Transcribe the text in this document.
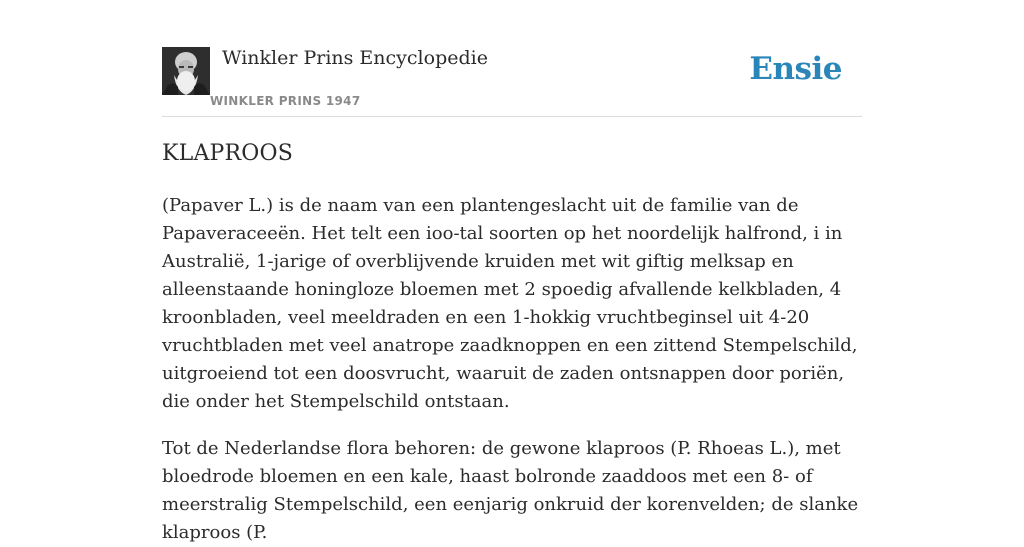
Winkler Prins Encyclopedie
WINKLER PRINS 1947
Ensie
KLAPROOS

(Papaver L.) is de naam van een plantengeslacht uit de familie van de Papaveraceeën. Het telt een ioo-tal soorten op het noordelijk halfrond, i in Australië, 1-jarige of overblijvende kruiden met wit giftig melksap en alleenstaande honingloze bloemen met 2 spoedig afvallende kelkbladen, 4 kroonbladen, veel meeldraden en een 1-hokkig vruchtbeginsel uit 4-20 vruchtbladen met veel anatrope zaadknoppen en een zittend Stempelschild, uitgroeiend tot een doosvrucht, waaruit de zaden ontsnappen door poriën, die onder het Stempelschild ontstaan.

Tot de Nederlandse flora behoren: de gewone klaproos (P. Rhoeas L.), met bloedrode bloemen en een kale, haast bolronde zaaddoos met een 8- of meerstralig Stempelschild, een eenjarig onkruid der korenvelden; de slanke klaproos (P.
